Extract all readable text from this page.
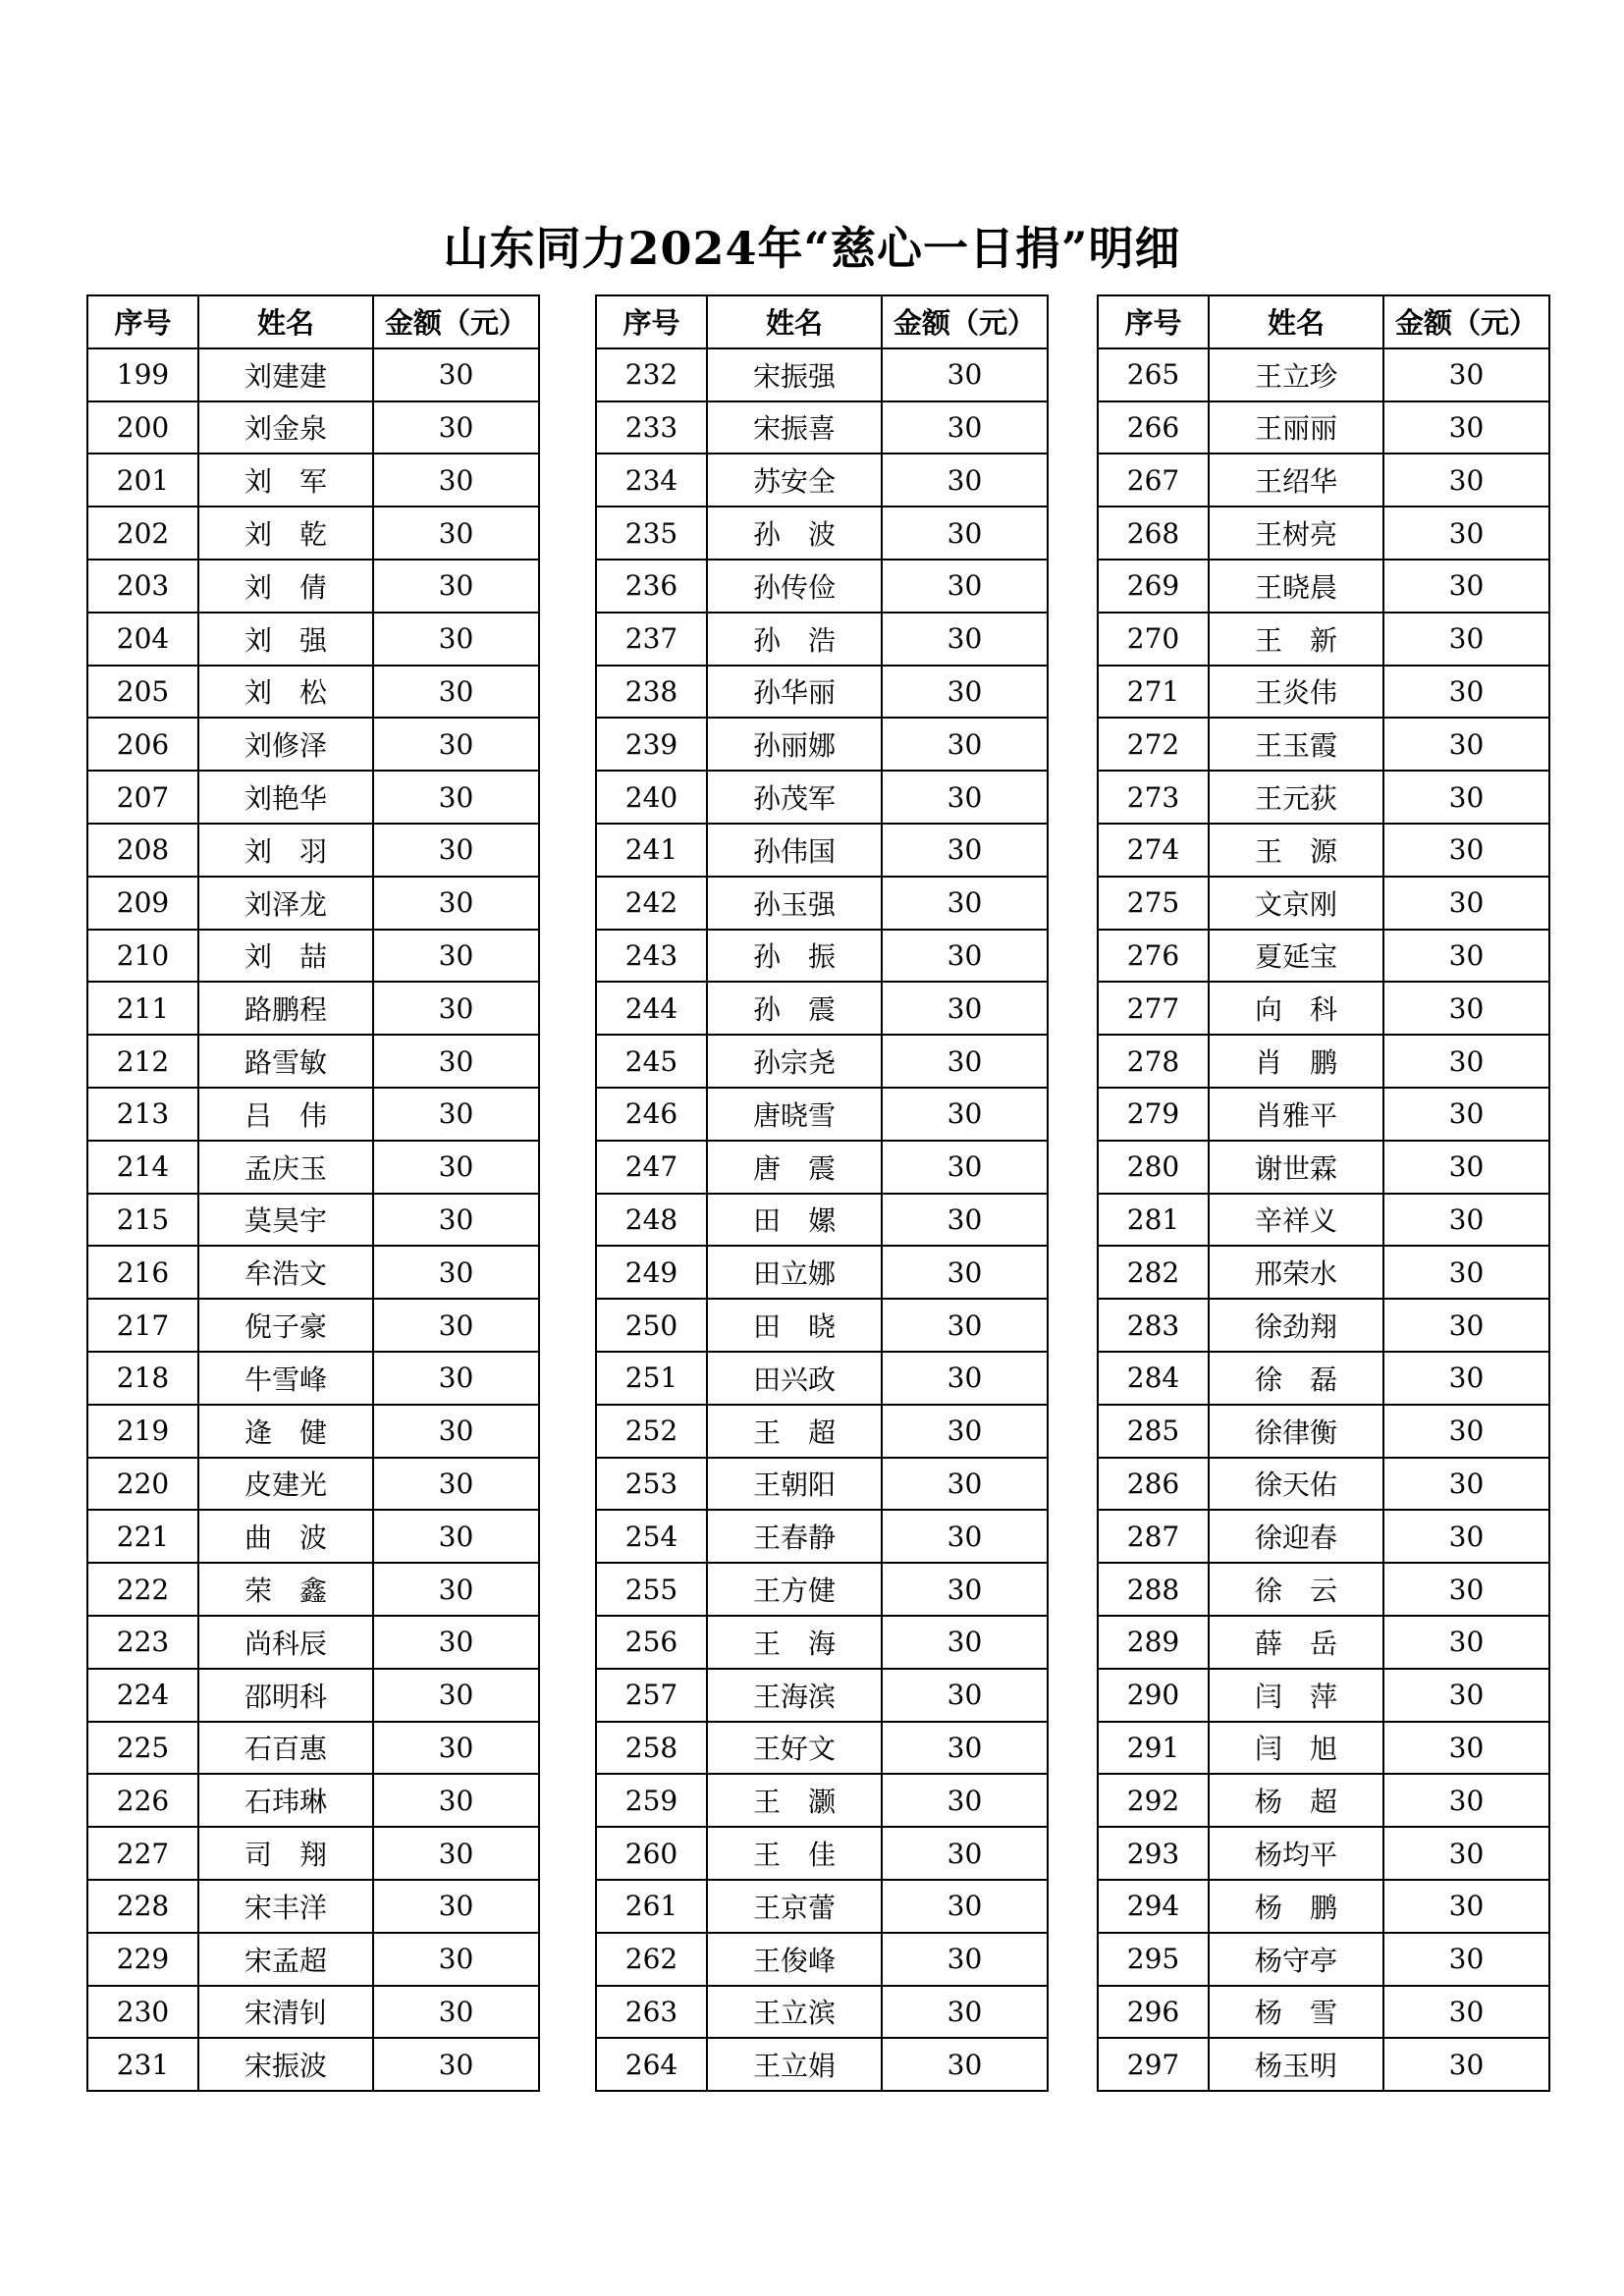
山东同力2024年“慈心一日捐”明细
序号	姓名	金额（元）
199	刘建建	30
200	刘金泉	30
201	刘　军	30
202	刘　乾	30
203	刘　倩	30
204	刘　强	30
205	刘　松	30
206	刘修泽	30
207	刘艳华	30
208	刘　羽	30
209	刘泽龙	30
210	刘　喆	30
211	路鹏程	30
212	路雪敏	30
213	吕　伟	30
214	孟庆玉	30
215	莫昊宇	30
216	牟浩文	30
217	倪子豪	30
218	牛雪峰	30
219	逄　健	30
220	皮建光	30
221	曲　波	30
222	荣　鑫	30
223	尚科辰	30
224	邵明科	30
225	石百惠	30
226	石玮琳	30
227	司　翔	30
228	宋丰洋	30
229	宋孟超	30
230	宋清钊	30
231	宋振波	30
序号	姓名	金额（元）
232	宋振强	30
233	宋振喜	30
234	苏安全	30
235	孙　波	30
236	孙传俭	30
237	孙　浩	30
238	孙华丽	30
239	孙丽娜	30
240	孙茂军	30
241	孙伟国	30
242	孙玉强	30
243	孙　振	30
244	孙　震	30
245	孙宗尧	30
246	唐晓雪	30
247	唐　震	30
248	田　嫘	30
249	田立娜	30
250	田　晓	30
251	田兴政	30
252	王　超	30
253	王朝阳	30
254	王春静	30
255	王方健	30
256	王　海	30
257	王海滨	30
258	王好文	30
259	王　灏	30
260	王　佳	30
261	王京蕾	30
262	王俊峰	30
263	王立滨	30
264	王立娟	30
序号	姓名	金额（元）
265	王立珍	30
266	王丽丽	30
267	王绍华	30
268	王树亮	30
269	王晓晨	30
270	王　新	30
271	王炎伟	30
272	王玉霞	30
273	王元荻	30
274	王　源	30
275	文京刚	30
276	夏延宝	30
277	向　科	30
278	肖　鹏	30
279	肖雅平	30
280	谢世霖	30
281	辛祥义	30
282	邢荣水	30
283	徐劲翔	30
284	徐　磊	30
285	徐律衡	30
286	徐天佑	30
287	徐迎春	30
288	徐　云	30
289	薛　岳	30
290	闫　萍	30
291	闫　旭	30
292	杨　超	30
293	杨均平	30
294	杨　鹏	30
295	杨守亭	30
296	杨　雪	30
297	杨玉明	30
